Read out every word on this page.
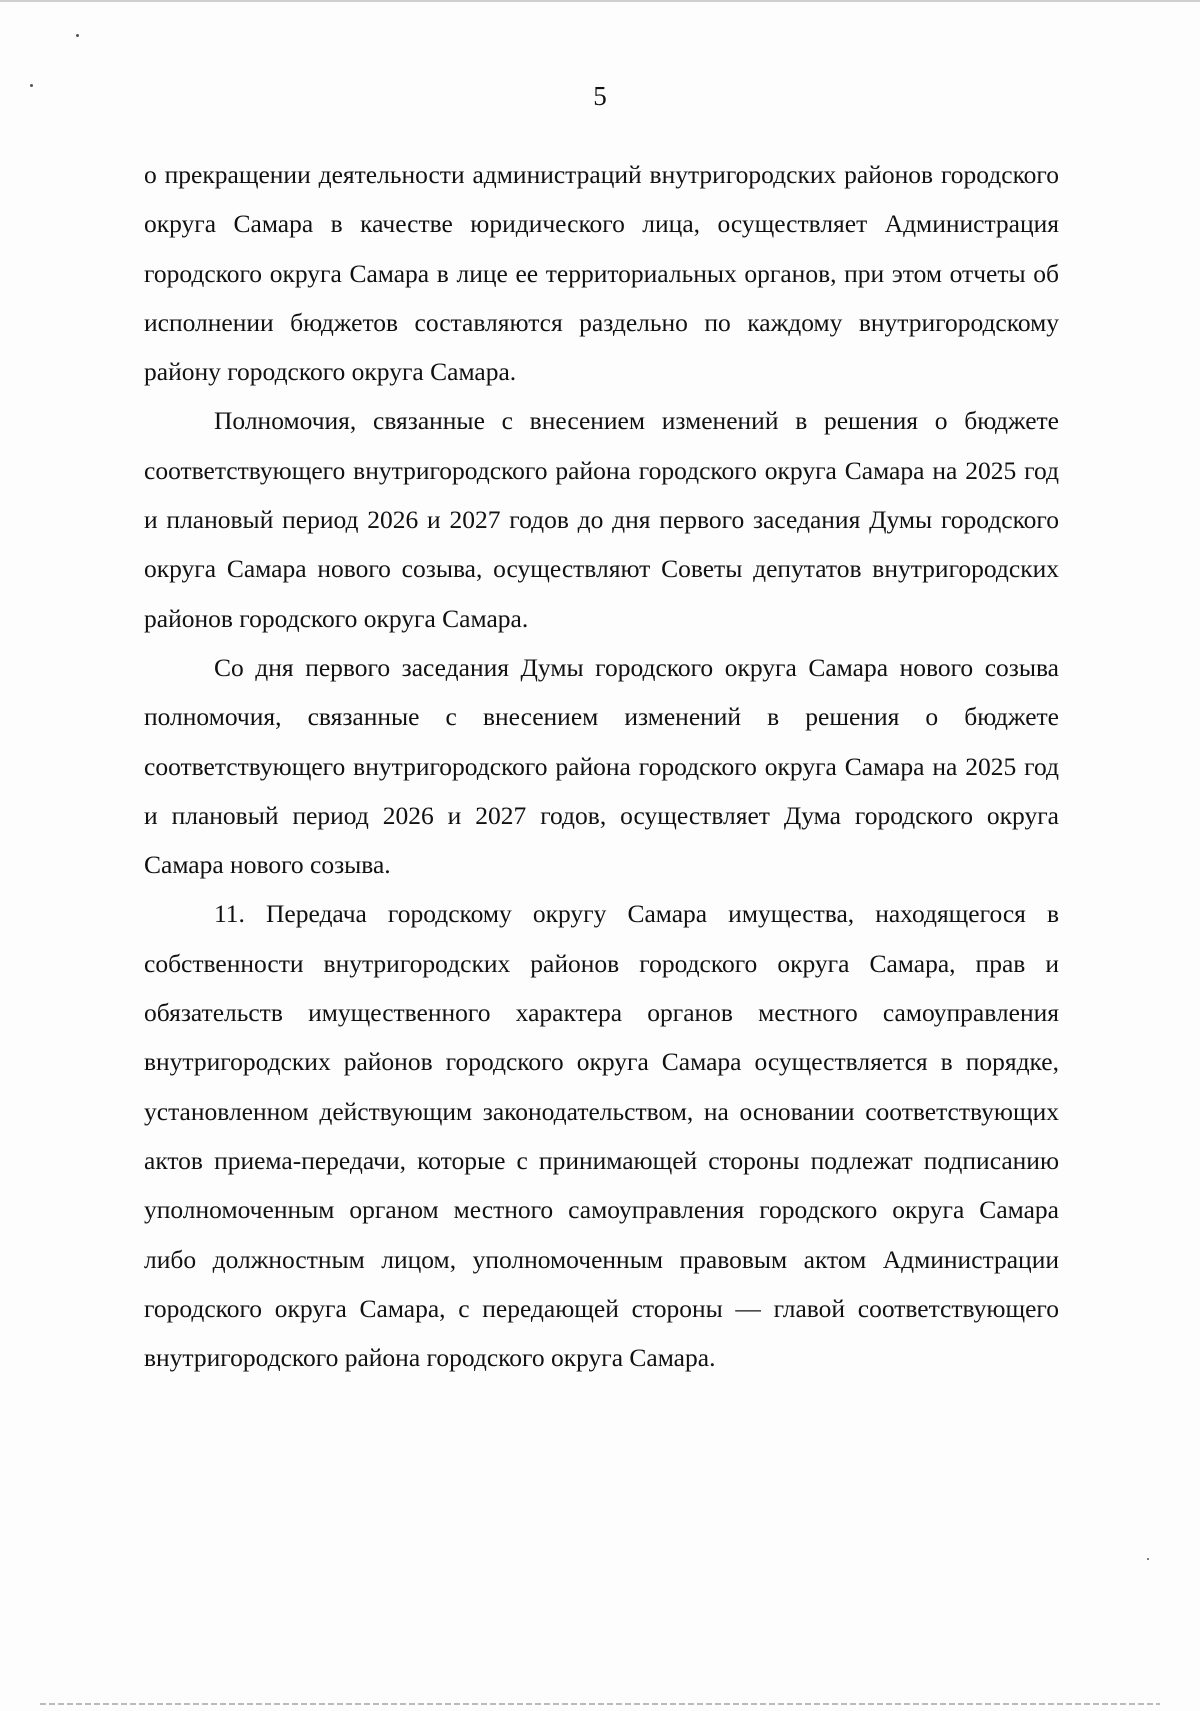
5

о прекращении деятельности администраций внутригородских районов городского округа Самара в качестве юридического лица, осуществляет Администрация городского округа Самара в лице ее территориальных органов, при этом отчеты об исполнении бюджетов составляются раздельно по каждому внутригородскому району городского округа Самара.

Полномочия, связанные с внесением изменений в решения о бюджете соответствующего внутригородского района городского округа Самара на 2025 год и плановый период 2026 и 2027 годов до дня первого заседания Думы городского округа Самара нового созыва, осуществляют Советы депутатов внутригородских районов городского округа Самара.

Со дня первого заседания Думы городского округа Самара нового созыва полномочия, связанные с внесением изменений в решения о бюджете соответствующего внутригородского района городского округа Самара на 2025 год и плановый период 2026 и 2027 годов, осуществляет Дума городского округа Самара нового созыва.

11. Передача городскому округу Самара имущества, находящегося в собственности внутригородских районов городского округа Самара, прав и обязательств имущественного характера органов местного самоуправления внутригородских районов городского округа Самара осуществляется в порядке, установленном действующим законодательством, на основании соответствующих актов приема-передачи, которые с принимающей стороны подлежат подписанию уполномоченным органом местного самоуправления городского округа Самара либо должностным лицом, уполномоченным правовым актом Администрации городского округа Самара, с передающей стороны — главой соответствующего внутригородского района городского округа Самара.
